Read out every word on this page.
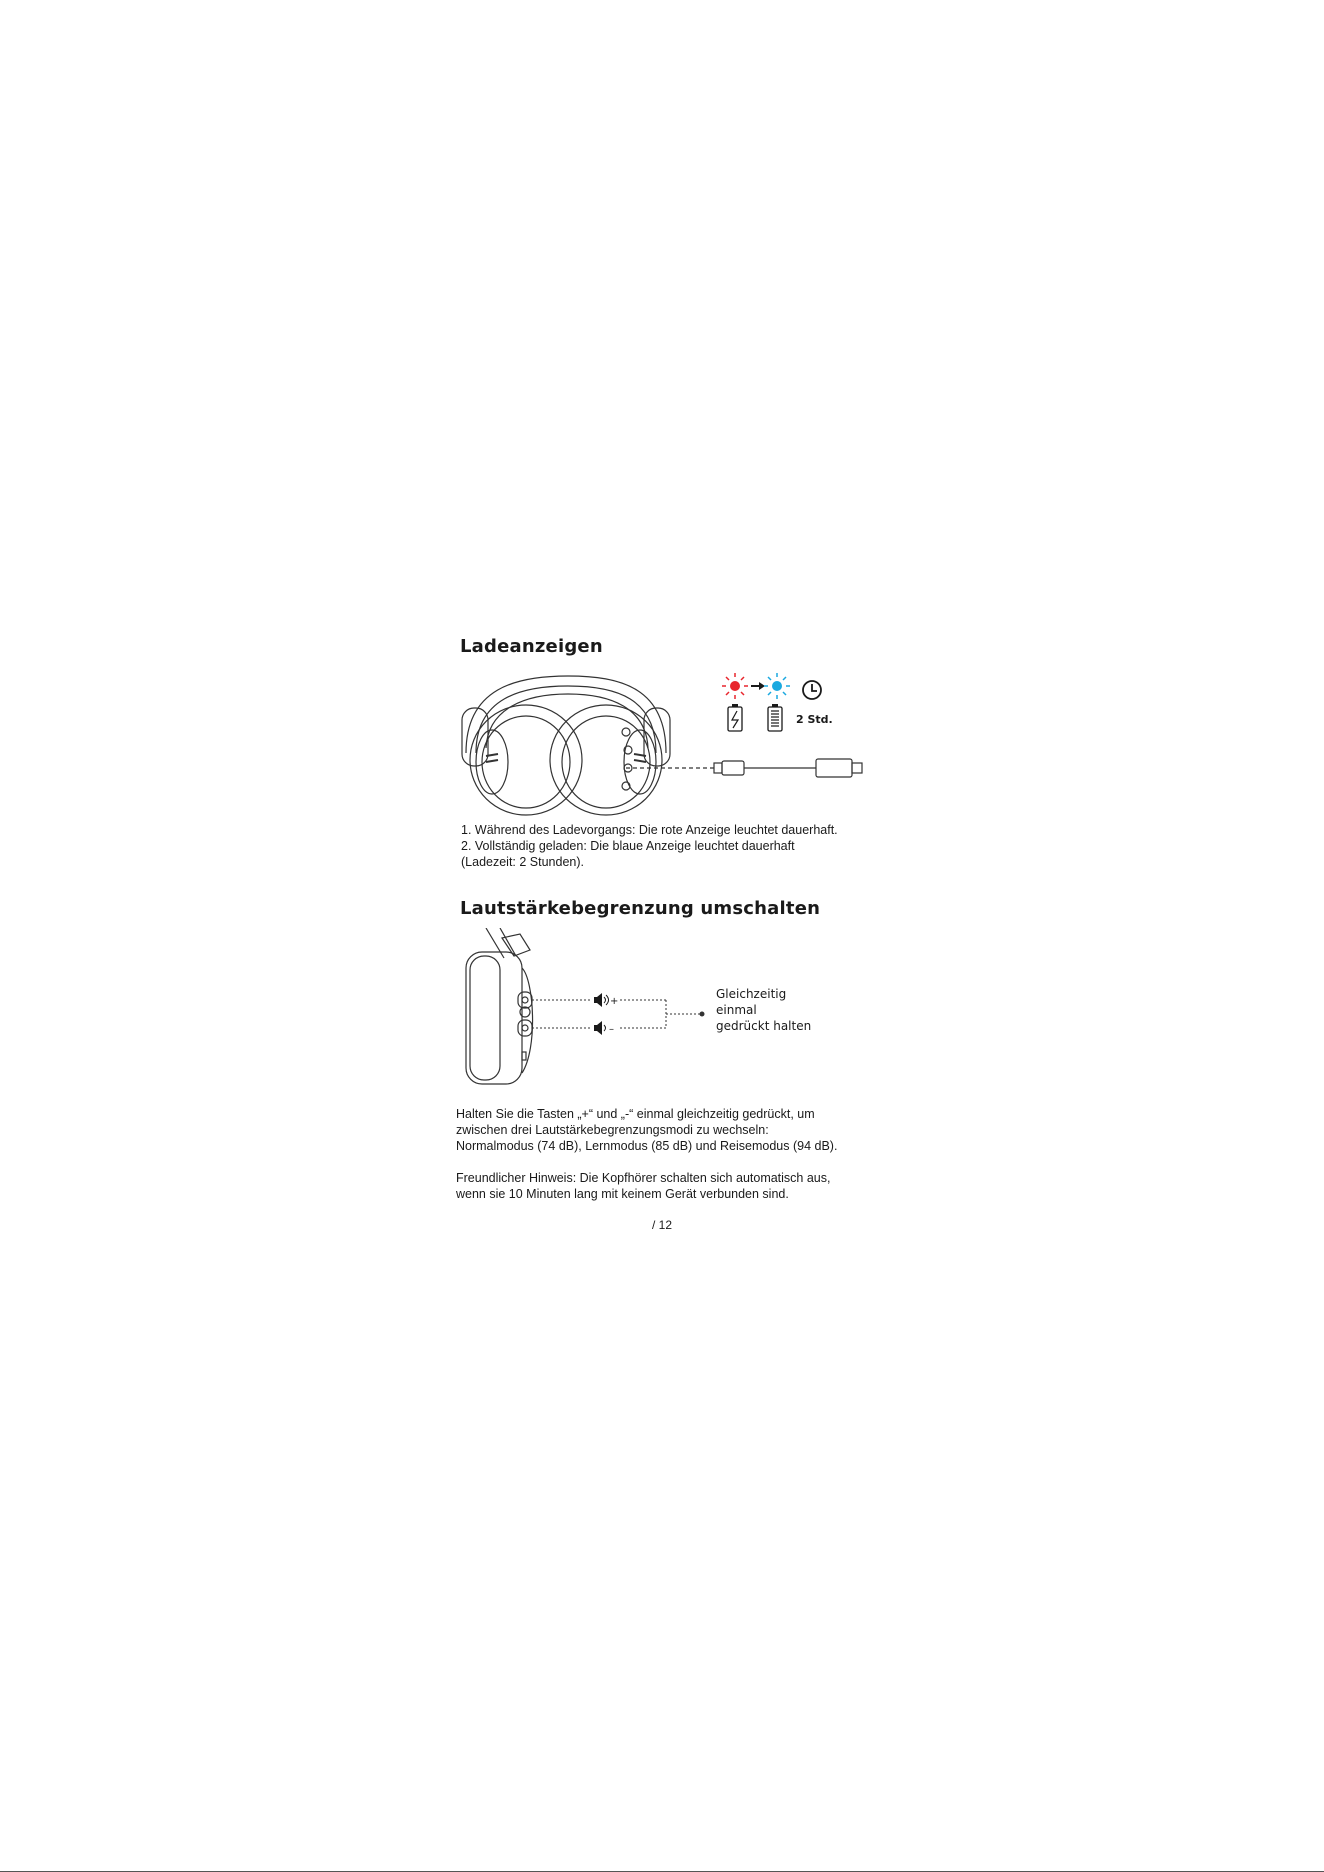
Ladeanzeigen
2 Std.
1. Während des Ladevorgangs: Die rote Anzeige leuchtet dauerhaft.
2. Vollständig geladen: Die blaue Anzeige leuchtet dauerhaft
(Ladezeit: 2 Stunden).
Lautstärkebegrenzung umschalten
+
–
Gleichzeitig
einmal
gedrückt halten
Halten Sie die Tasten „+“ und „-“ einmal gleichzeitig gedrückt, um
zwischen drei Lautstärkebegrenzungsmodi zu wechseln:
Normalmodus (74 dB), Lernmodus (85 dB) und Reisemodus (94 dB).
Freundlicher Hinweis: Die Kopfhörer schalten sich automatisch aus,
wenn sie 10 Minuten lang mit keinem Gerät verbunden sind.
/ 12
